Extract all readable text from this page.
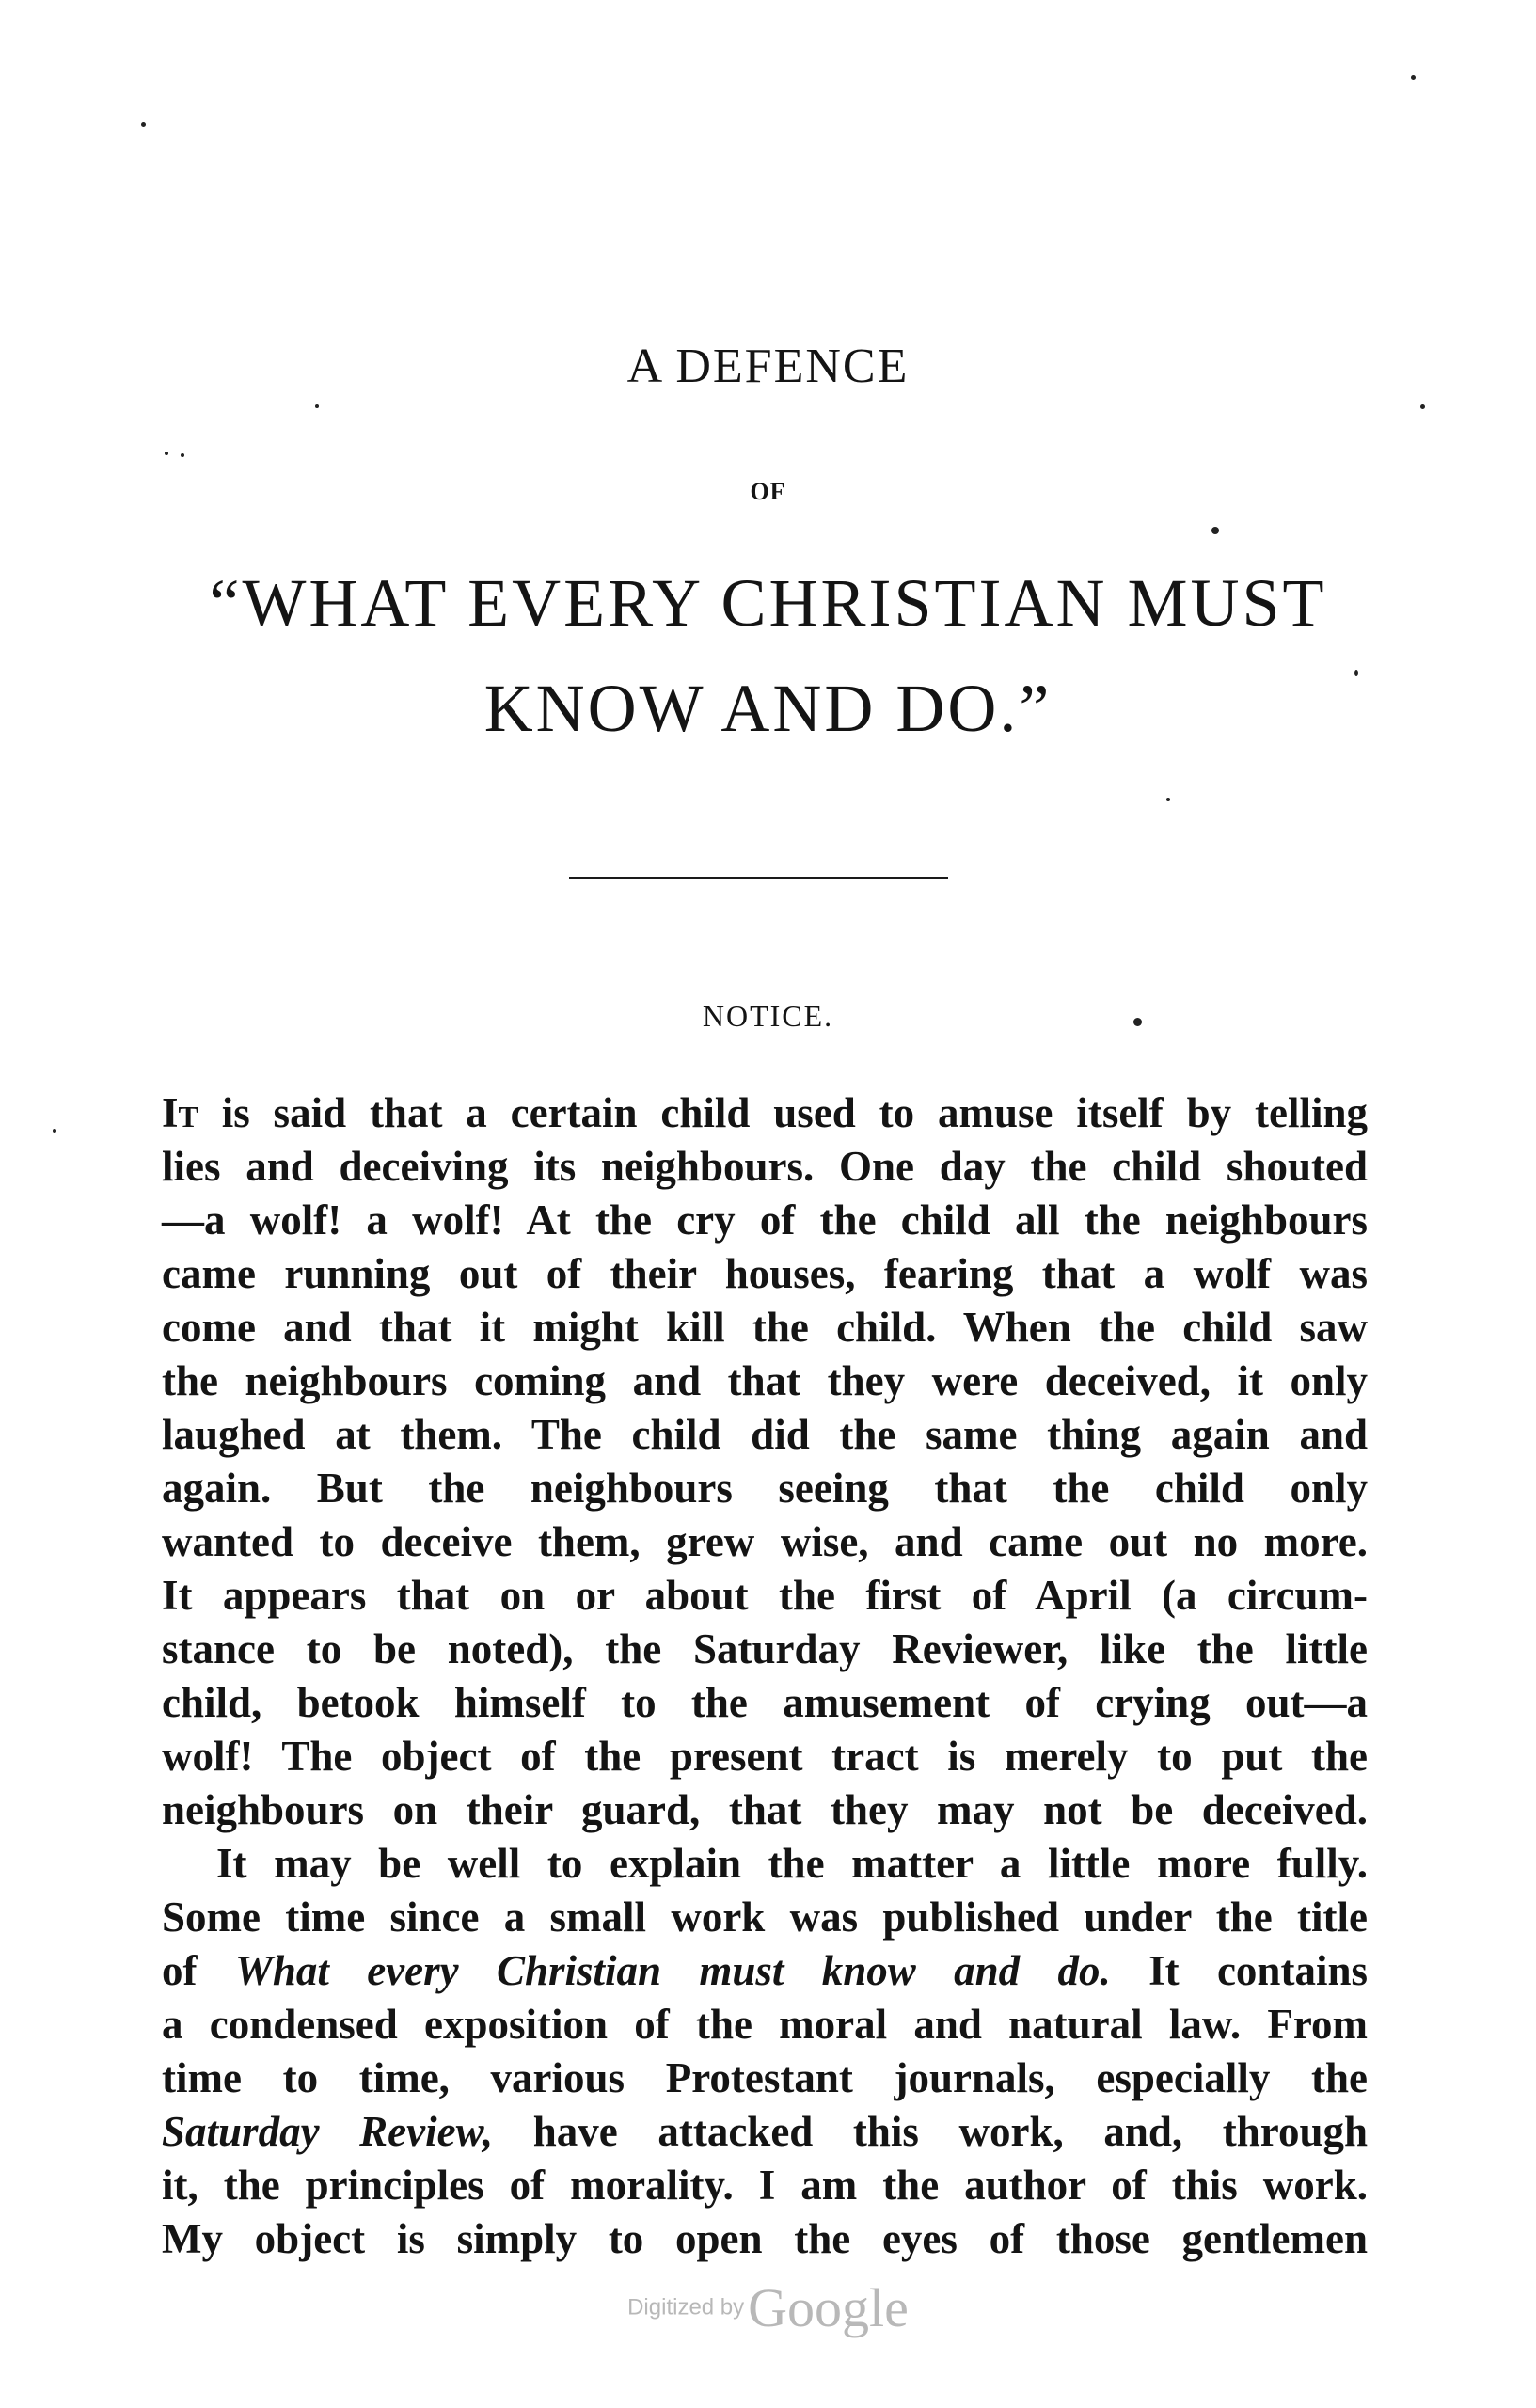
A DEFENCE
OF
“WHAT EVERY CHRISTIAN MUST
KNOW AND DO.”
NOTICE.
It is said that a certain child used to amuse itself by telling
lies and deceiving its neighbours. One day the child shouted
—a wolf! a wolf! At the cry of the child all the neighbours
came running out of their houses, fearing that a wolf was
come and that it might kill the child. When the child saw
the neighbours coming and that they were deceived, it only
laughed at them. The child did the same thing again and
again. But the neighbours seeing that the child only
wanted to deceive them, grew wise, and came out no more.
It appears that on or about the first of April (a circum-
stance to be noted), the Saturday Reviewer, like the little
child, betook himself to the amusement of crying out—a
wolf! The object of the present tract is merely to put the
neighbours on their guard, that they may not be deceived.
It may be well to explain the matter a little more fully.
Some time since a small work was published under the title
of What every Christian must know and do. It contains
a condensed exposition of the moral and natural law. From
time to time, various Protestant journals, especially the
Saturday Review, have attacked this work, and, through
it, the principles of morality. I am the author of this work.
My object is simply to open the eyes of those gentlemen
Digitized by Google
